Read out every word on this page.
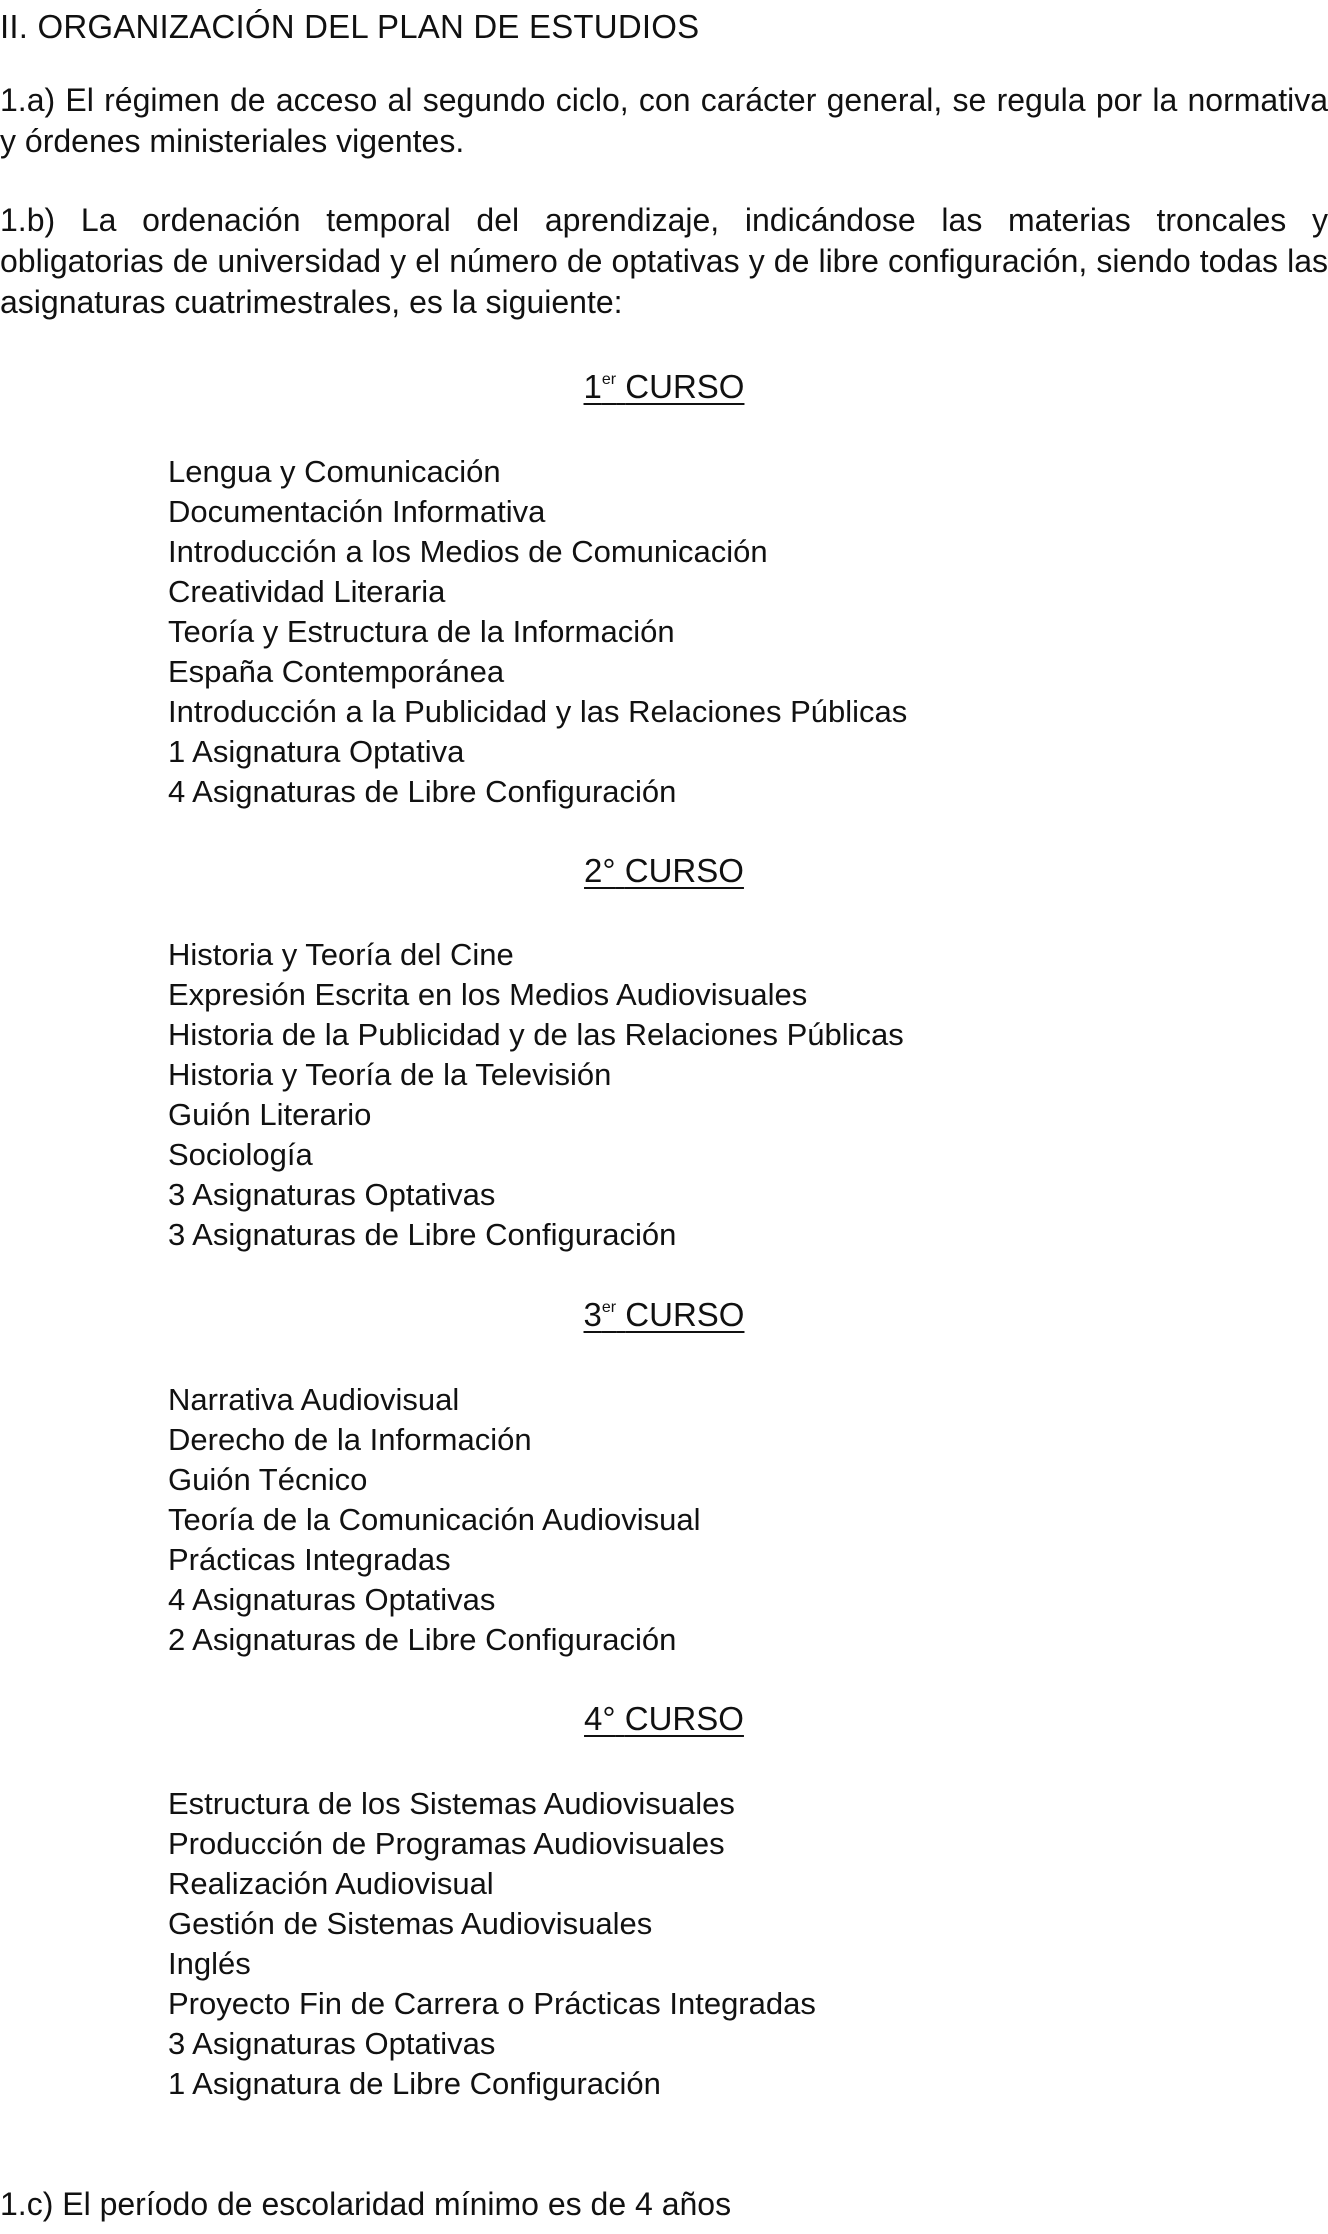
II. ORGANIZACIÓN DEL PLAN DE ESTUDIOS

1.a) El régimen de acceso al segundo ciclo, con carácter general, se regula por la normativa y órdenes ministeriales vigentes.

1.b) La ordenación temporal del aprendizaje, indicándose las materias troncales y obligatorias de universidad y el número de optativas y de libre configuración, siendo todas las asignaturas cuatrimestrales, es la siguiente:

1er CURSO
Lengua y Comunicación
Documentación Informativa
Introducción a los Medios de Comunicación
Creatividad Literaria
Teoría y Estructura de la Información
España Contemporánea
Introducción a la Publicidad y las Relaciones Públicas
1 Asignatura Optativa
4 Asignaturas de Libre Configuración
2° CURSO
Historia y Teoría del Cine
Expresión Escrita en los Medios Audiovisuales
Historia de la Publicidad y de las Relaciones Públicas
Historia y Teoría de la Televisión
Guión Literario
Sociología
3 Asignaturas Optativas
3 Asignaturas de Libre Configuración
3er CURSO
Narrativa Audiovisual
Derecho de la Información
Guión Técnico
Teoría de la Comunicación Audiovisual
Prácticas Integradas
4 Asignaturas Optativas
2 Asignaturas de Libre Configuración
4° CURSO
Estructura de los Sistemas Audiovisuales
Producción de Programas Audiovisuales
Realización Audiovisual
Gestión de Sistemas Audiovisuales
Inglés
Proyecto Fin de Carrera o Prácticas Integradas
3 Asignaturas Optativas
1 Asignatura de Libre Configuración
1.c) El período de escolaridad mínimo es de 4 años
